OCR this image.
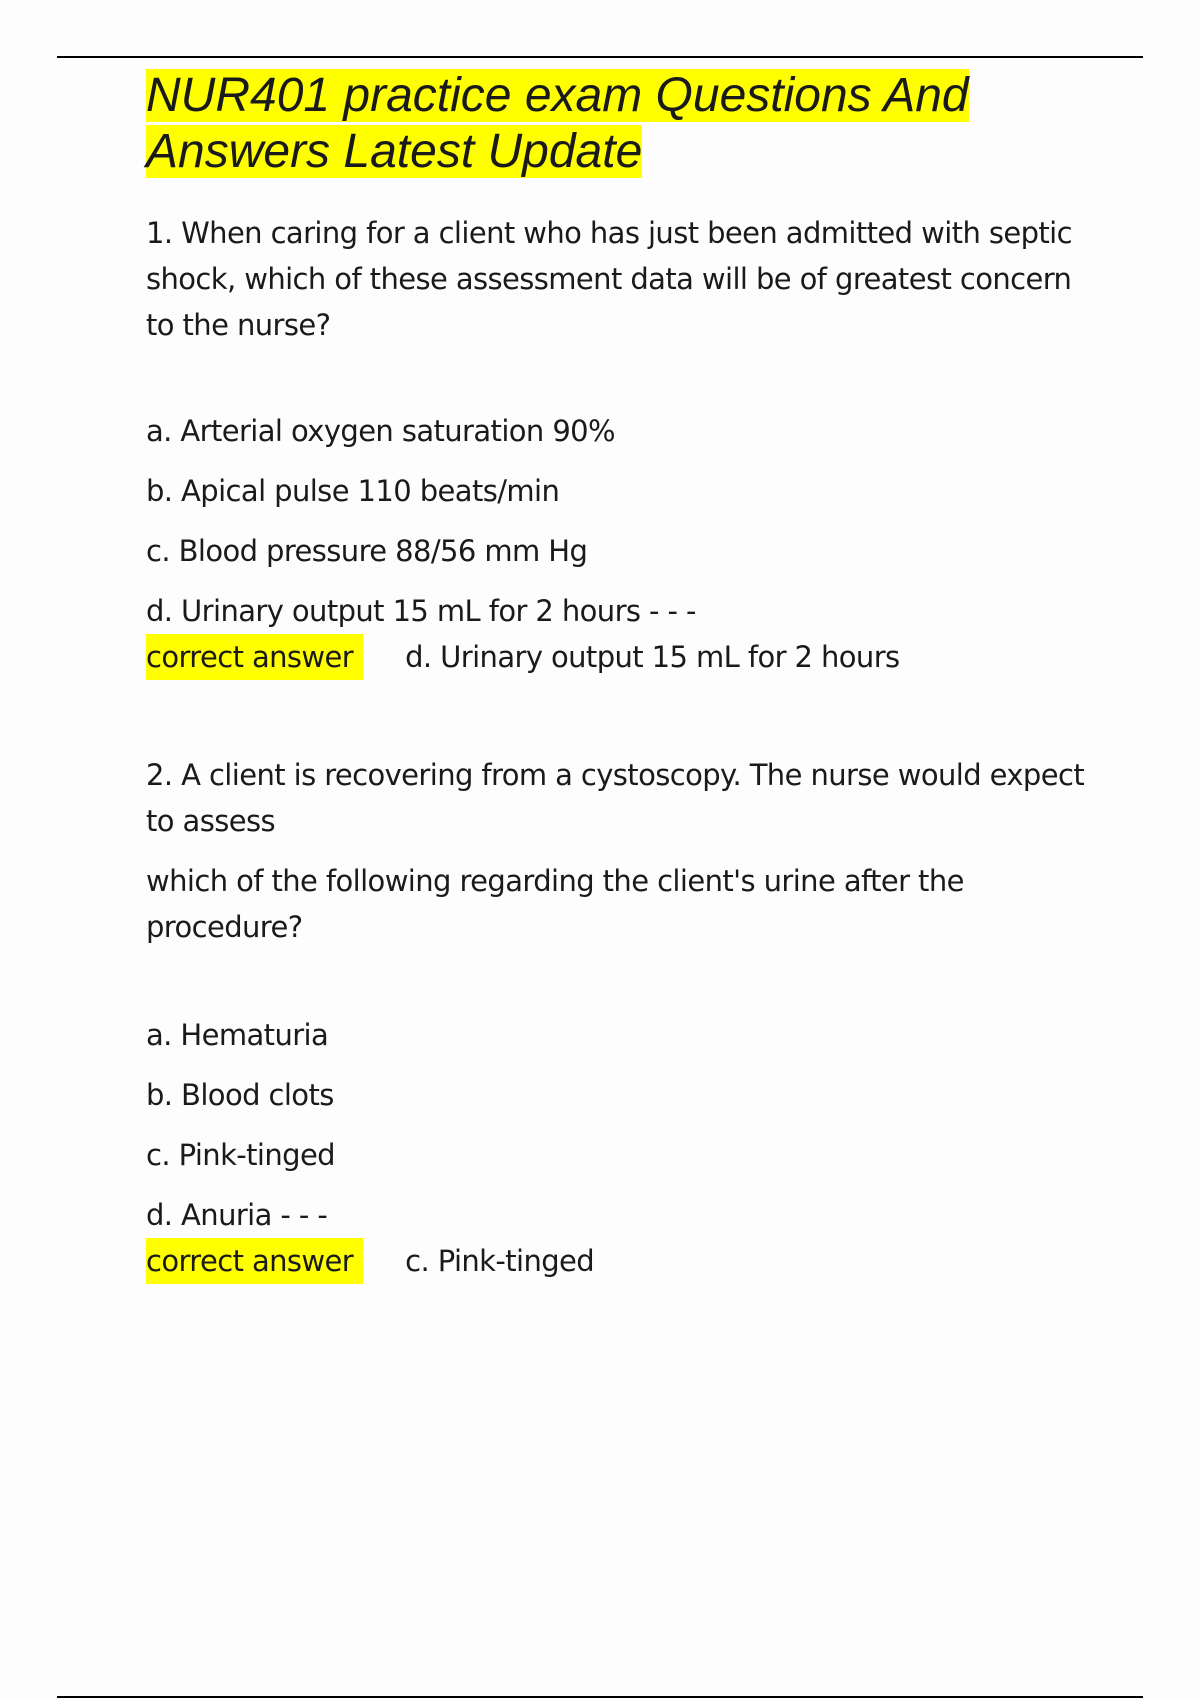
NUR401 practice exam Questions And Answers Latest Update

1. When caring for a client who has just been admitted with septic shock, which of these assessment data will be of greatest concern to the nurse?

a. Arterial oxygen saturation 90%

b. Apical pulse 110 beats/min

c. Blood pressure 88/56 mm Hg

d. Urinary output 15 mL for 2 hours - - -

correct answer	d. Urinary output 15 mL for 2 hours

2. A client is recovering from a cystoscopy. The nurse would expect to assess

which of the following regarding the client's urine after the procedure?

a. Hematuria

b. Blood clots

c. Pink-tinged

d. Anuria - - -

correct answer	c. Pink-tinged
